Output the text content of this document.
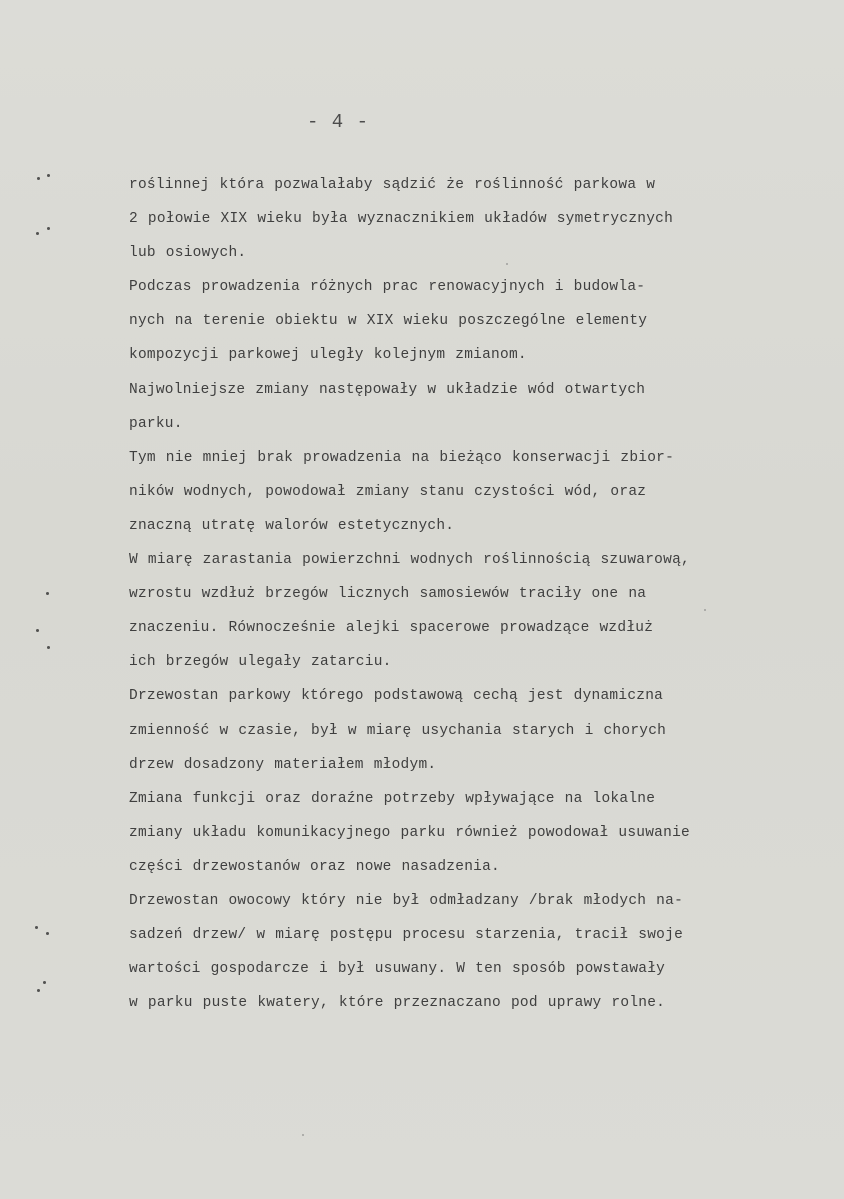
- 4 -
roślinnej która pozwalałaby sądzić że roślinność parkowa w
2 połowie XIX wieku była wyznacznikiem układów symetrycznych
lub osiowych.
Podczas prowadzenia różnych prac renowacyjnych i budowla-
nych na terenie obiektu w XIX wieku poszczególne elementy
kompozycji parkowej uległy kolejnym zmianom.
Najwolniejsze zmiany następowały w układzie wód otwartych
parku.
Tym nie mniej brak prowadzenia na bieżąco konserwacji zbior-
ników wodnych, powodował zmiany stanu czystości wód, oraz
znaczną utratę walorów estetycznych.
W miarę zarastania powierzchni wodnych roślinnością szuwarową,
wzrostu wzdłuż brzegów licznych samosiewów traciły one na
znaczeniu. Równocześnie alejki spacerowe prowadzące wzdłuż
ich brzegów ulegały zatarciu.
Drzewostan parkowy którego podstawową cechą jest dynamiczna
zmienność w czasie, był w miarę usychania starych i chorych
drzew dosadzony materiałem młodym.
Zmiana funkcji oraz doraźne potrzeby wpływające na lokalne
zmiany układu komunikacyjnego parku również powodował usuwanie
części drzewostanów oraz nowe nasadzenia.
Drzewostan owocowy który nie był odmładzany /brak młodych na-
sadzeń drzew/ w miarę postępu procesu starzenia, tracił swoje
wartości gospodarcze i był usuwany. W ten sposób powstawały
w parku puste kwatery, które przeznaczano pod uprawy rolne.
